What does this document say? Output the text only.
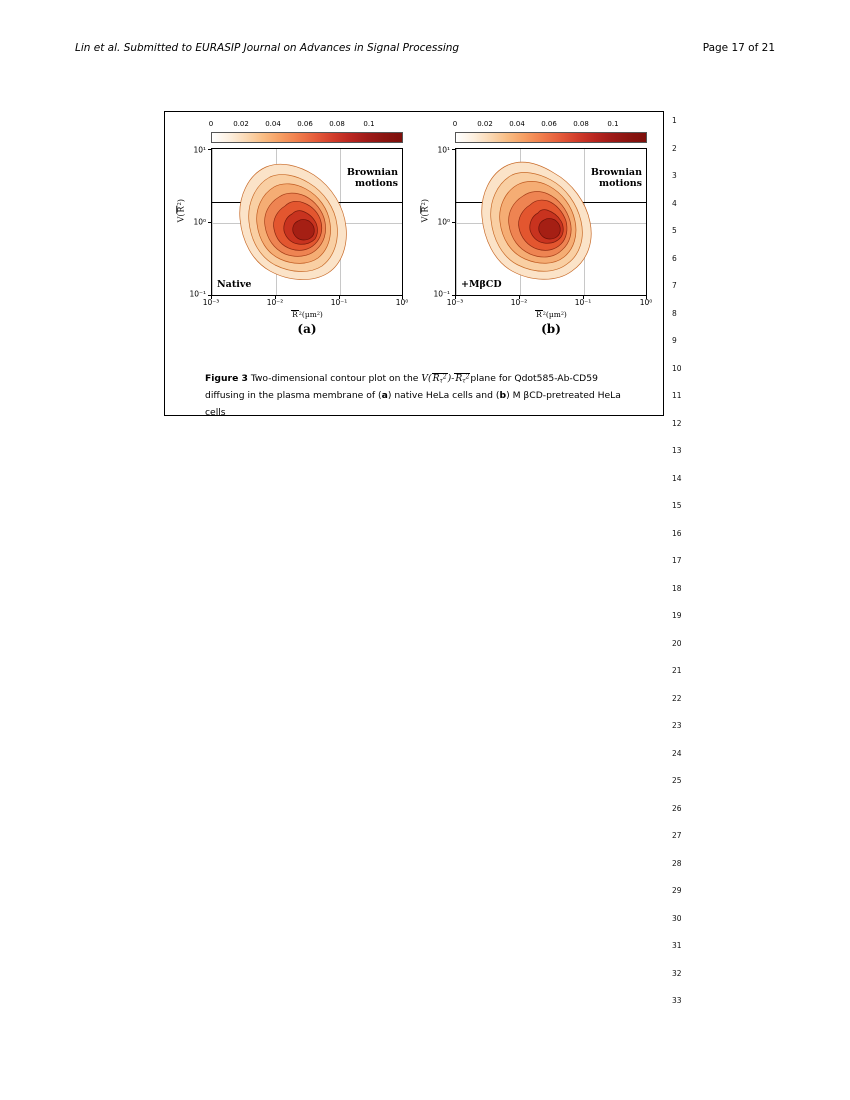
Lin et al. Submitted to EURASIP Journal on Advances in Signal Processing	Page 17 of 21
0	0.02	0.04	0.06	0.08	0.1
Brownian
motions
Native
10¹
10⁰
10⁻¹
10⁻³	10⁻²	10⁻¹	10⁰
$R^2(\mu m^2)$
$V(R^2)$
(a)
0	0.02	0.04	0.06	0.08	0.1
Brownian
motions
+MβCD
10¹
10⁰
10⁻¹
10⁻³	10⁻²	10⁻¹	10⁰
$R^2(\mu m^2)$
$V(R^2)$
(b)
Figure 3 Two-dimensional contour plot on the $V(R_\tau^2)-R_\tau^2plane$ for Qdot585-Ab-CD59 diffusing in the plasma membrane of (a) native HeLa cells and (b) M βCD-pretreated HeLa cells
1
2
3
4
5
6
7
8
9
10
11
12
13
14
15
16
17
18
19
20
21
22
23
24
25
26
27
28
29
30
31
32
33
